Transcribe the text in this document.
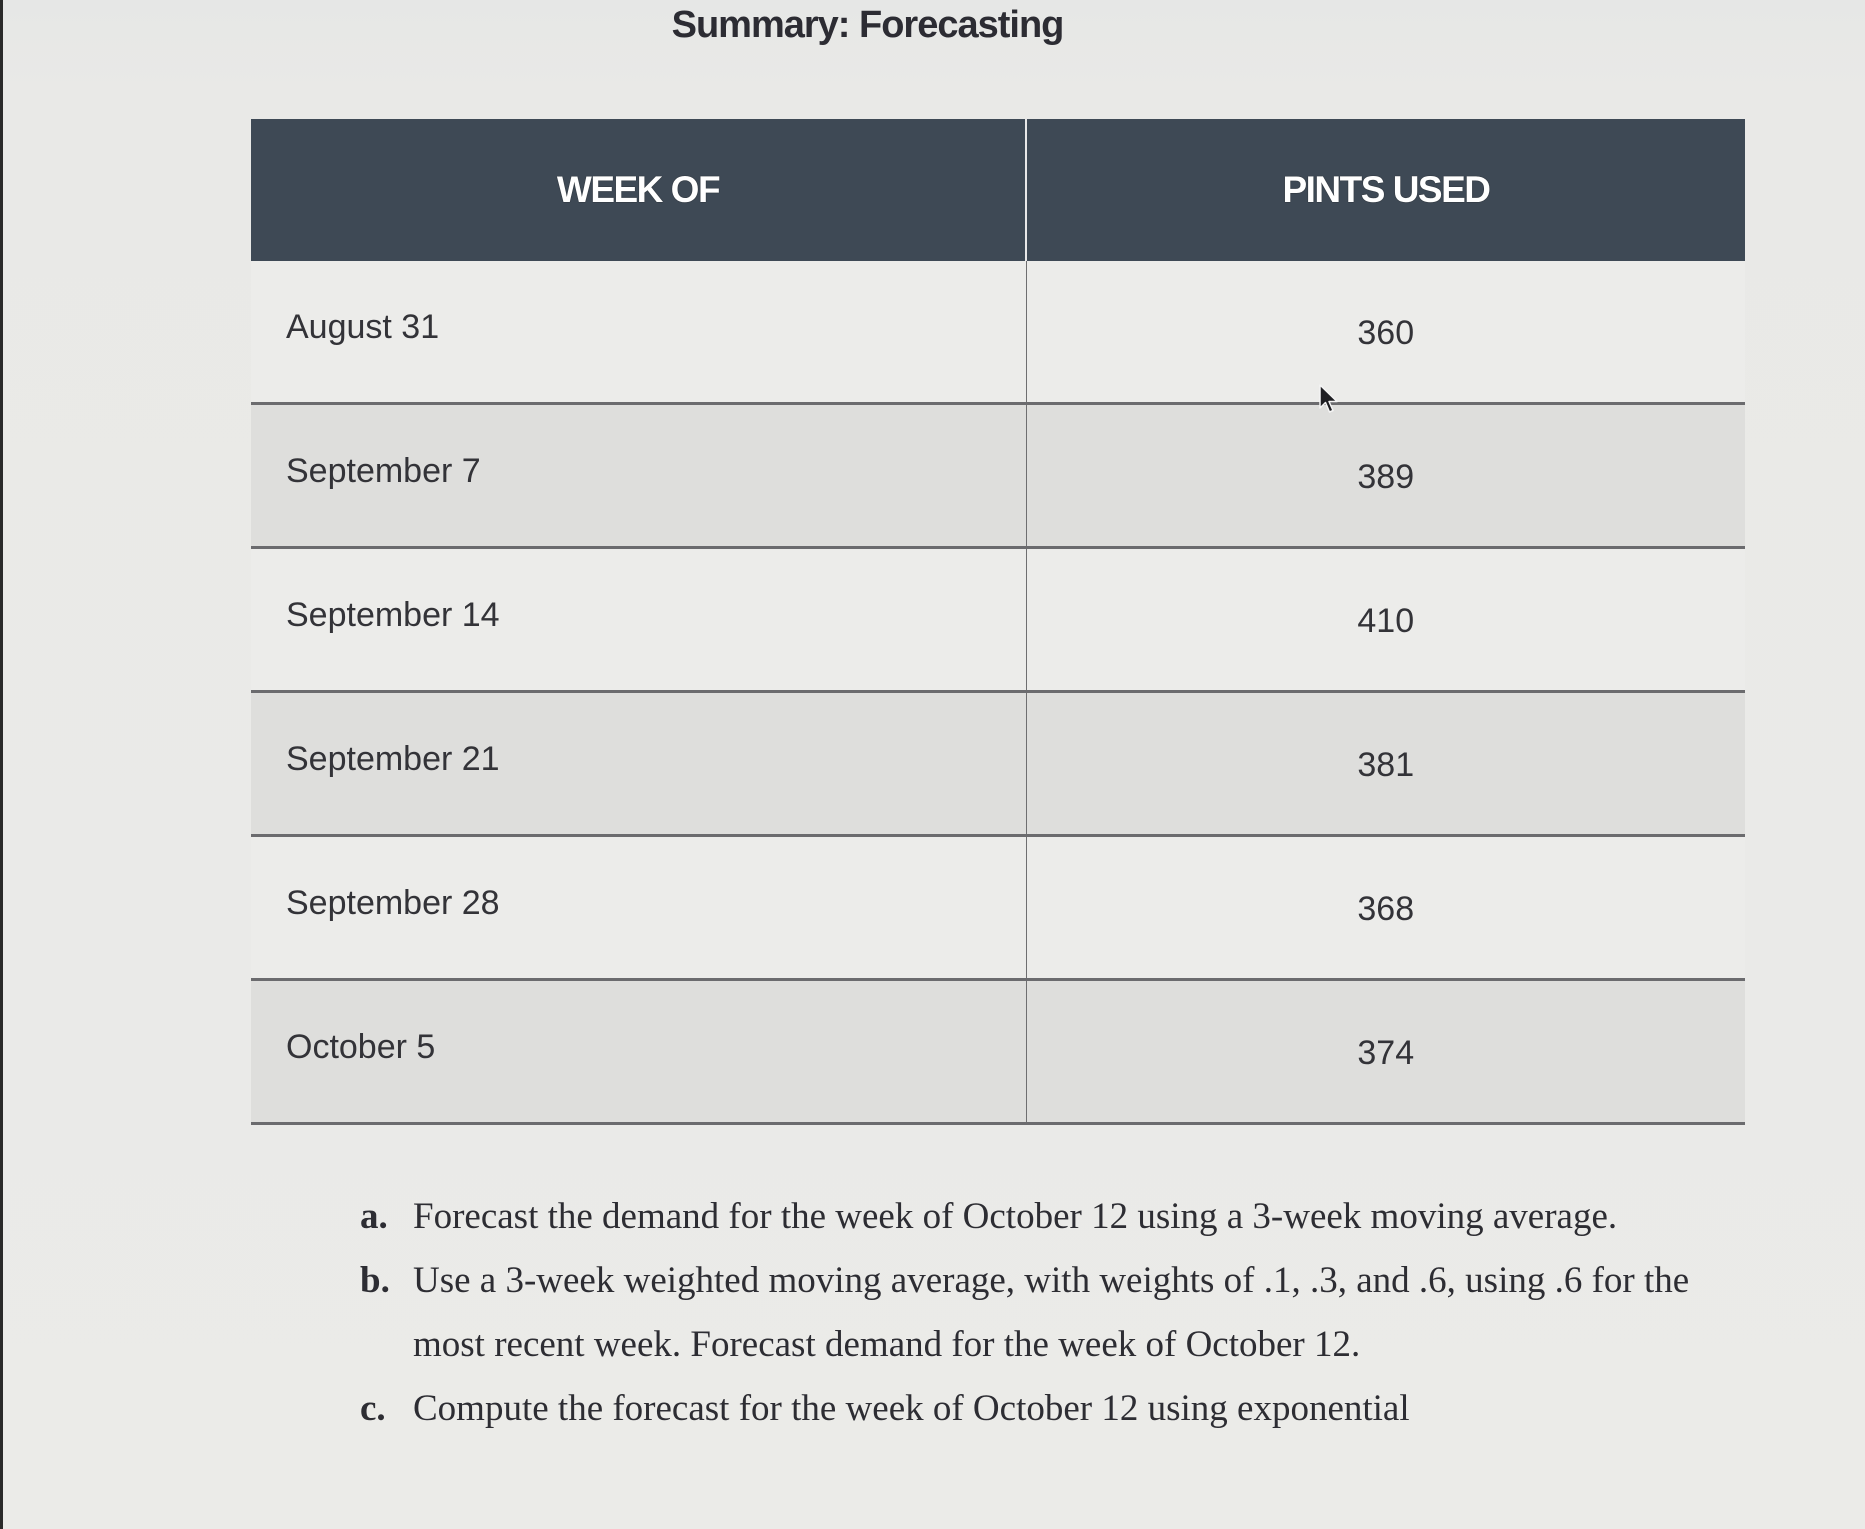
Summary: Forecasting
WEEK OF	PINTS USED
August 31	360
September 7	389
September 14	410
September 21	381
September 28	368
October 5	374
a. Forecast the demand for the week of October 12 using a 3-week moving average.
b. Use a 3-week weighted moving average, with weights of .1, .3, and .6, using .6 for the most recent week. Forecast demand for the week of October 12.
c. Compute the forecast for the week of October 12 using exponential
